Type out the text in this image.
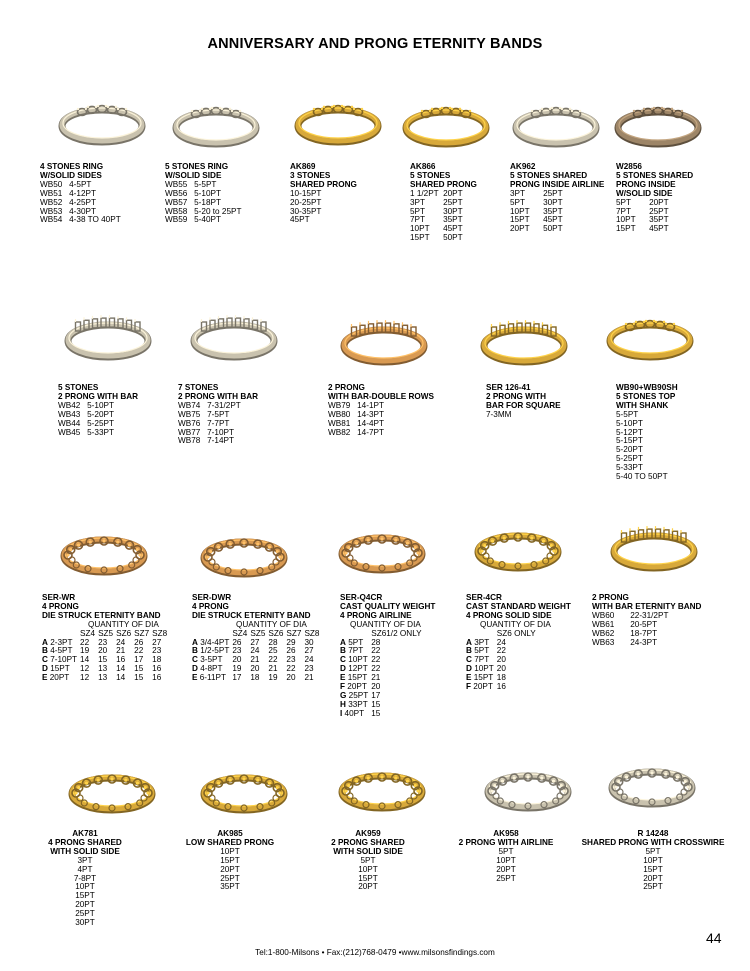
ANNIVERSARY AND PRONG ETERNITY BANDS
4 STONES RING
W/SOLID SIDES
WB50   4-5PT
WB51   4-12PT
WB52   4-25PT
WB53   4-30PT
WB54   4-38 TO 40PT
5 STONES RING
W/SOLID SIDE
WB55   5-5PT
WB56   5-10PT
WB57   5-18PT
WB58   5-20 to 25PT
WB59   5-40PT
AK869
3 STONES
SHARED PRONG
10-15PT
20-25PT
30-35PT
45PT
AK866
5 STONES
SHARED PRONG
1 1/2PT  20PT
3PT        25PT
5PT        30PT
7PT        35PT
10PT      45PT
15PT      50PT
AK962
5 STONES SHARED
PRONG INSIDE AIRLINE
3PT        25PT
5PT        30PT
10PT      35PT
15PT      45PT
20PT      50PT
W2856
5 STONES SHARED
PRONG INSIDE
W/SOLID SIDE
5PT        20PT
7PT        25PT
10PT      35PT
15PT      45PT
5 STONES
2 PRONG WITH BAR
WB42   5-10PT
WB43   5-20PT
WB44   5-25PT
WB45   5-33PT
7 STONES
2 PRONG WITH BAR
WB74   7-31/2PT
WB75   7-5PT
WB76   7-7PT
WB77   7-10PT
WB78   7-14PT
2 PRONG
WITH BAR-DOUBLE ROWS
WB79   14-1PT
WB80   14-3PT
WB81   14-4PT
WB82   14-7PT
SER 126-41
2 PRONG WITH
BAR FOR SQUARE
7-3MM
WB90+WB90SH
5 STONES TOP
WITH SHANK
5-5PT
5-10PT
5-12PT
5-15PT
5-20PT
5-25PT
5-33PT
5-40 TO 50PT
SER-WR
4 PRONG
DIE STRUCK ETERNITY BAND
QUANTITY OF DIA
	SZ4	SZ5	SZ6	SZ7	SZ8
A 2-3PT	22	23	24	26	27
B 4-5PT	19	20	21	22	23
C 7-10PT	14	15	16	17	18
D 15PT	12	13	14	15	16
E 20PT	12	13	14	15	16
SER-DWR
4 PRONG
DIE STRUCK ETERNITY BAND
QUANTITY OF DIA
	SZ4	SZ5	SZ6	SZ7	SZ8
A 3/4-4PT	26	27	28	29	30
B 1/2-5PT	23	24	25	26	27
C 3-5PT	20	21	22	23	24
D 4-8PT	19	20	21	22	23
E 6-11PT	17	18	19	20	21
SER-Q4CR
CAST QUALITY WEIGHT
4 PRONG AIRLINE
QUANTITY OF DIA
	SZ61/2 ONLY
A 5PT	28
B 7PT	22
C 10PT	22
D 12PT	22
E 15PT	21
F 20PT	20
G 25PT	17
H 33PT	15
I 40PT	15
SER-4CR
CAST STANDARD WEIGHT
4 PRONG SOLID SIDE
QUANTITY OF DIA
	SZ6 ONLY
A 3PT	24
B 5PT	22
C 7PT	20
D 10PT	20
E 15PT	18
F 20PT	16
2 PRONG
WITH BAR ETERNITY BAND
WB60       22-31/2PT
WB61       20-5PT
WB62       18-7PT
WB63       24-3PT
AK781
4 PRONG SHARED
WITH SOLID SIDE
3PT
4PT
7-8PT
10PT
15PT
20PT
25PT
30PT
AK985
LOW SHARED PRONG
10PT
15PT
20PT
25PT
35PT
AK959
2 PRONG SHARED
WITH SOLID SIDE
5PT
10PT
15PT
20PT
AK958
2 PRONG WITH AIRLINE
5PT
10PT
20PT
25PT
R 14248
SHARED PRONG WITH CROSSWIRE
5PT
10PT
15PT
20PT
25PT
44
Tel:1-800-Milsons • Fax:(212)768-0479 •www.milsonsfindings.com
